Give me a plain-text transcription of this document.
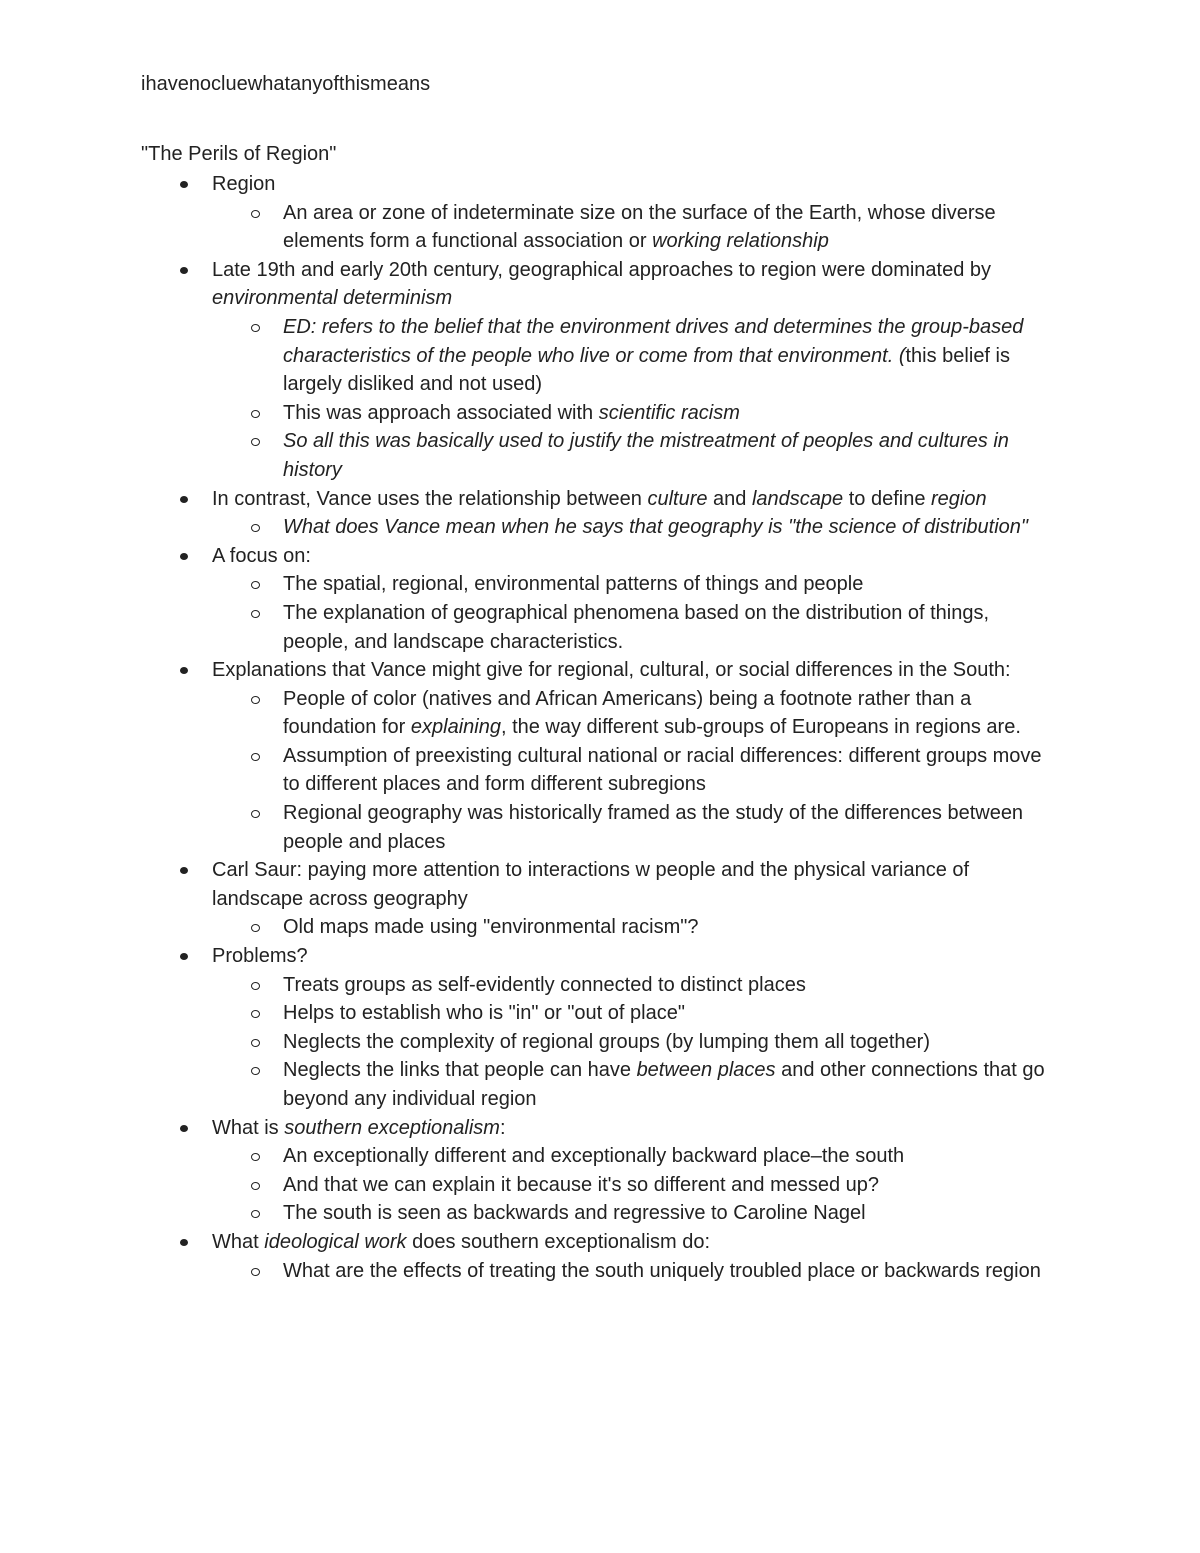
ihavenocluewhatanyofthismeans
"The Perils of Region"
Region
An area or zone of indeterminate size on the surface of the Earth, whose diverse elements form a functional association or working relationship
Late 19th and early 20th century, geographical approaches to region were dominated by environmental determinism
ED: refers to the belief that the environment drives and determines the group-based characteristics of the people who live or come from that environment. (this belief is largely disliked and not used)
This was approach associated with scientific racism
So all this was basically used to justify the mistreatment of peoples and cultures in history
In contrast, Vance uses the relationship between culture and landscape to define region
What does Vance mean when he says that geography is "the science of distribution"
A focus on:
The spatial, regional, environmental patterns of things and people
The explanation of geographical phenomena based on the distribution of things, people, and landscape characteristics.
Explanations that Vance might give for regional, cultural, or social differences in the South:
People of color (natives and African Americans) being a footnote rather than a foundation for explaining, the way different sub-groups of Europeans in regions are.
Assumption of preexisting cultural national or racial differences: different groups move to different places and form different subregions
Regional geography was historically framed as the study of the differences between people and places
Carl Saur: paying more attention to interactions w people and the physical variance of landscape across geography
Old maps made using "environmental racism"?
Problems?
Treats groups as self-evidently connected to distinct places
Helps to establish who is "in" or "out of place"
Neglects the complexity of regional groups (by lumping them all together)
Neglects the links that people can have between places and other connections that go beyond any individual region
What is southern exceptionalism:
An exceptionally different and exceptionally backward place–the south
And that we can explain it because it's so different and messed up?
The south is seen as backwards and regressive to Caroline Nagel
What ideological work does southern exceptionalism do:
What are the effects of treating the south uniquely troubled place or backwards region
